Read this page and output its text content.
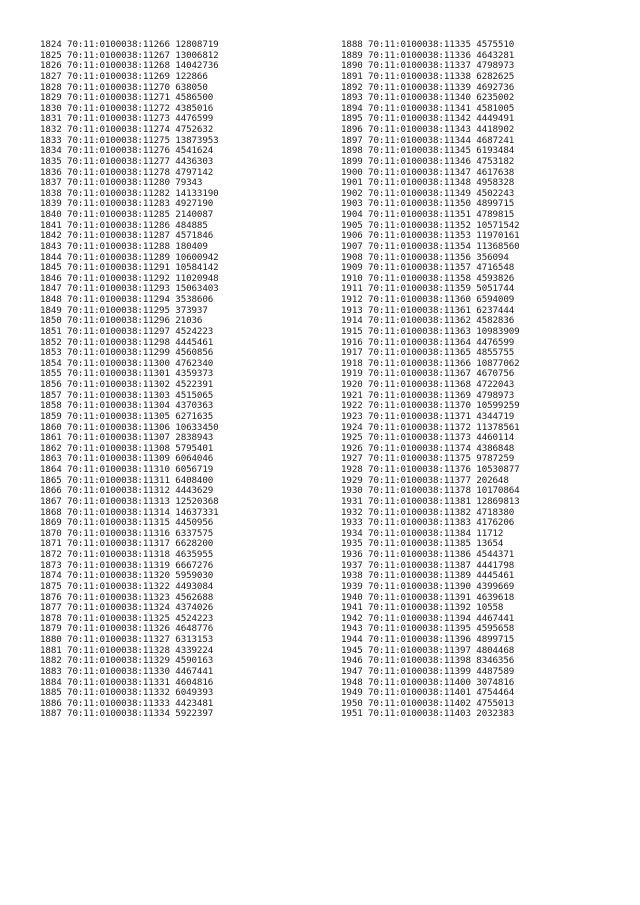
1824 70:11:0100038:11266 12808719
1825 70:11:0100038:11267 13006812
1826 70:11:0100038:11268 14042736
1827 70:11:0100038:11269 122866
1828 70:11:0100038:11270 638050
1829 70:11:0100038:11271 4586500
1830 70:11:0100038:11272 4385016
1831 70:11:0100038:11273 4476599
1832 70:11:0100038:11274 4752632
1833 70:11:0100038:11275 13873953
1834 70:11:0100038:11276 4541624
1835 70:11:0100038:11277 4436303
1836 70:11:0100038:11278 4797142
1837 70:11:0100038:11280 79343
1838 70:11:0100038:11282 14133190
1839 70:11:0100038:11283 4927190
1840 70:11:0100038:11285 2140087
1841 70:11:0100038:11286 484885
1842 70:11:0100038:11287 4571846
1843 70:11:0100038:11288 180409
1844 70:11:0100038:11289 10600942
1845 70:11:0100038:11291 10584142
1846 70:11:0100038:11292 11020948
1847 70:11:0100038:11293 15063403
1848 70:11:0100038:11294 3538606
1849 70:11:0100038:11295 373937
1850 70:11:0100038:11296 21036
1851 70:11:0100038:11297 4524223
1852 70:11:0100038:11298 4445461
1853 70:11:0100038:11299 4560856
1854 70:11:0100038:11300 4762340
1855 70:11:0100038:11301 4359373
1856 70:11:0100038:11302 4522391
1857 70:11:0100038:11303 4515065
1858 70:11:0100038:11304 4370363
1859 70:11:0100038:11305 6271635
1860 70:11:0100038:11306 10633450
1861 70:11:0100038:11307 2838943
1862 70:11:0100038:11308 5795401
1863 70:11:0100038:11309 6064046
1864 70:11:0100038:11310 6056719
1865 70:11:0100038:11311 6408400
1866 70:11:0100038:11312 4443629
1867 70:11:0100038:11313 12520368
1868 70:11:0100038:11314 14637331
1869 70:11:0100038:11315 4450956
1870 70:11:0100038:11316 6337575
1871 70:11:0100038:11317 6628200
1872 70:11:0100038:11318 4635955
1873 70:11:0100038:11319 6667276
1874 70:11:0100038:11320 5959030
1875 70:11:0100038:11322 4493084
1876 70:11:0100038:11323 4562688
1877 70:11:0100038:11324 4374026
1878 70:11:0100038:11325 4524223
1879 70:11:0100038:11326 4648776
1880 70:11:0100038:11327 6313153
1881 70:11:0100038:11328 4339224
1882 70:11:0100038:11329 4590163
1883 70:11:0100038:11330 4467441
1884 70:11:0100038:11331 4604816
1885 70:11:0100038:11332 6049393
1886 70:11:0100038:11333 4423481
1887 70:11:0100038:11334 5922397
1888 70:11:0100038:11335 4575510
1889 70:11:0100038:11336 4643281
1890 70:11:0100038:11337 4798973
1891 70:11:0100038:11338 6282625
1892 70:11:0100038:11339 4692736
1893 70:11:0100038:11340 6235002
1894 70:11:0100038:11341 4581005
1895 70:11:0100038:11342 4449491
1896 70:11:0100038:11343 4418902
1897 70:11:0100038:11344 4687241
1898 70:11:0100038:11345 6193484
1899 70:11:0100038:11346 4753182
1900 70:11:0100038:11347 4617638
1901 70:11:0100038:11348 4958328
1902 70:11:0100038:11349 4502243
1903 70:11:0100038:11350 4899715
1904 70:11:0100038:11351 4789815
1905 70:11:0100038:11352 10571542
1906 70:11:0100038:11353 11970161
1907 70:11:0100038:11354 11368560
1908 70:11:0100038:11356 356094
1909 70:11:0100038:11357 4716548
1910 70:11:0100038:11358 4593826
1911 70:11:0100038:11359 5051744
1912 70:11:0100038:11360 6594009
1913 70:11:0100038:11361 6237444
1914 70:11:0100038:11362 4582836
1915 70:11:0100038:11363 10983909
1916 70:11:0100038:11364 4476599
1917 70:11:0100038:11365 4855755
1918 70:11:0100038:11366 10877062
1919 70:11:0100038:11367 4670756
1920 70:11:0100038:11368 4722043
1921 70:11:0100038:11369 4798973
1922 70:11:0100038:11370 10599259
1923 70:11:0100038:11371 4344719
1924 70:11:0100038:11372 11378561
1925 70:11:0100038:11373 4460114
1926 70:11:0100038:11374 4386848
1927 70:11:0100038:11375 9787259
1928 70:11:0100038:11376 10530877
1929 70:11:0100038:11377 202648
1930 70:11:0100038:11378 10170864
1931 70:11:0100038:11381 12869813
1932 70:11:0100038:11382 4718380
1933 70:11:0100038:11383 4176206
1934 70:11:0100038:11384 11712
1935 70:11:0100038:11385 13654
1936 70:11:0100038:11386 4544371
1937 70:11:0100038:11387 4441798
1938 70:11:0100038:11389 4445461
1939 70:11:0100038:11390 4399669
1940 70:11:0100038:11391 4639618
1941 70:11:0100038:11392 10558
1942 70:11:0100038:11394 4467441
1943 70:11:0100038:11395 4595658
1944 70:11:0100038:11396 4899715
1945 70:11:0100038:11397 4804468
1946 70:11:0100038:11398 8346356
1947 70:11:0100038:11399 4487589
1948 70:11:0100038:11400 3074816
1949 70:11:0100038:11401 4754464
1950 70:11:0100038:11402 4755013
1951 70:11:0100038:11403 2032383
